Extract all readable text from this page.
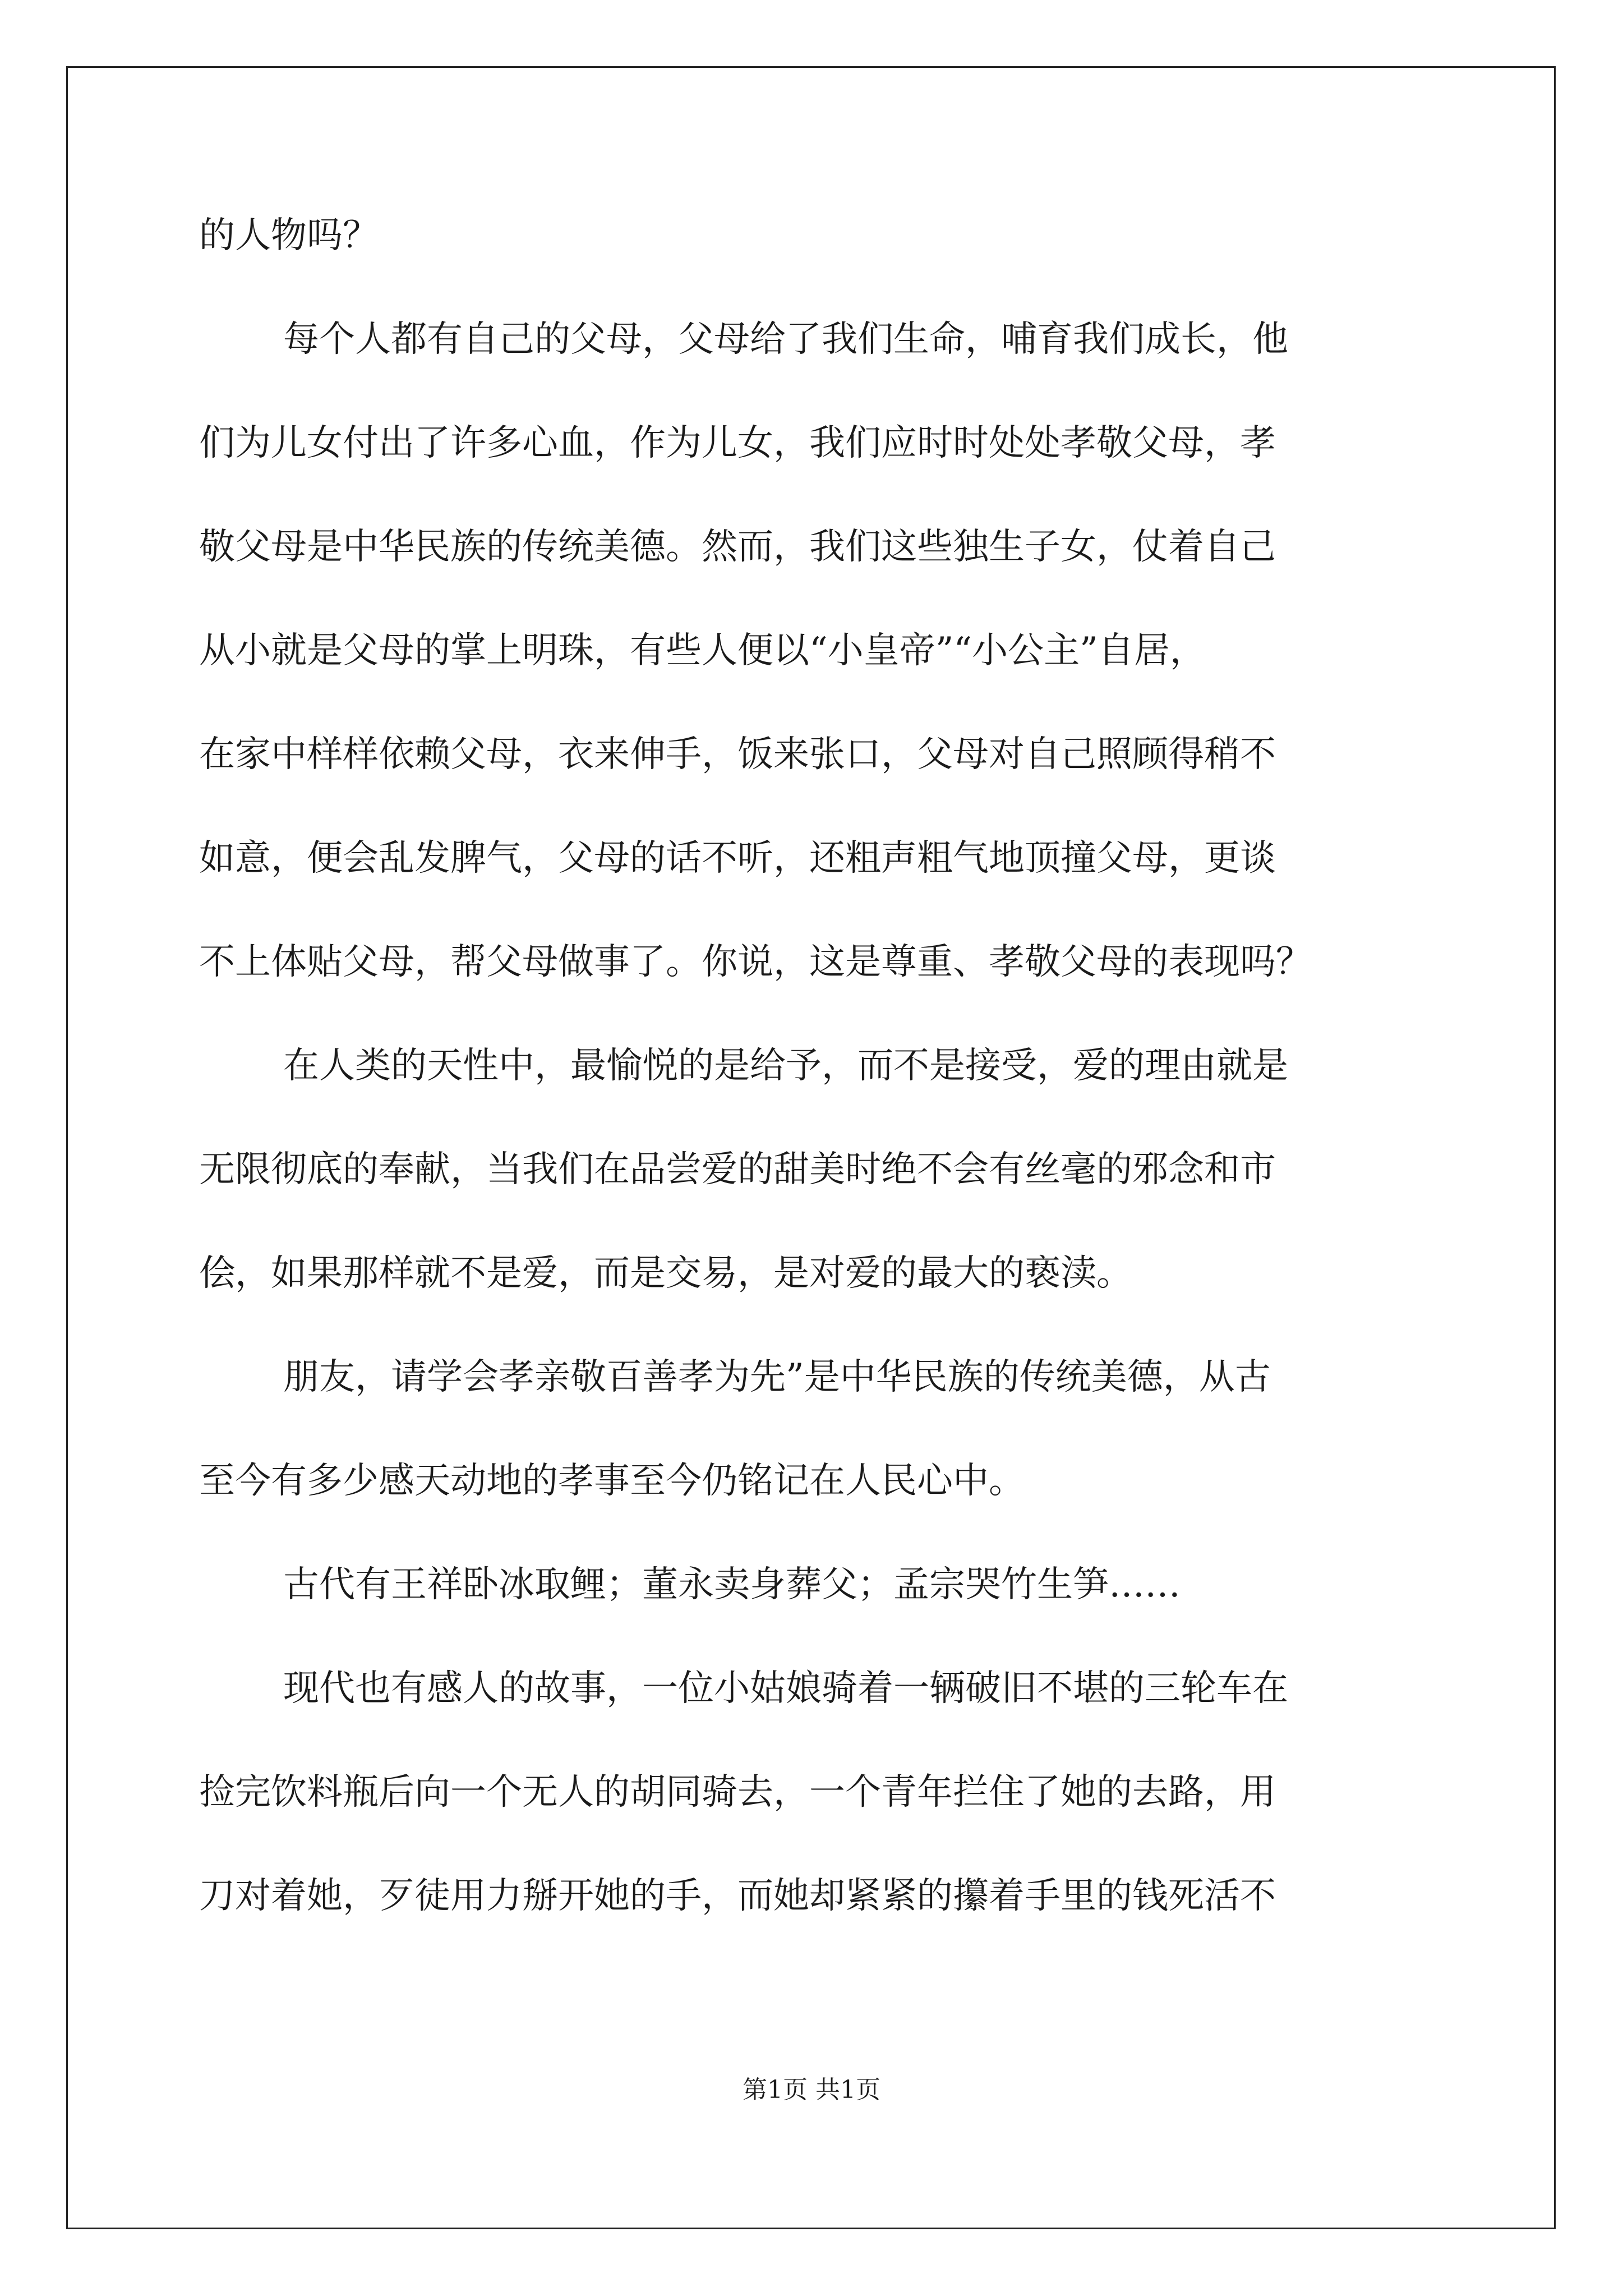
的人物吗？
每个人都有自己的父母，父母给了我们生命，哺育我们成长，他
们为儿女付出了许多心血，作为儿女，我们应时时处处孝敬父母，孝
敬父母是中华民族的传统美德。然而，我们这些独生子女，仗着自己
从小就是父母的掌上明珠，有些人便以“小皇帝”“小公主”自居，
在家中样样依赖父母，衣来伸手，饭来张口，父母对自己照顾得稍不
如意，便会乱发脾气，父母的话不听，还粗声粗气地顶撞父母，更谈
不上体贴父母，帮父母做事了。你说，这是尊重、孝敬父母的表现吗？
在人类的天性中，最愉悦的是给予，而不是接受，爱的理由就是
无限彻底的奉献，当我们在品尝爱的甜美时绝不会有丝毫的邪念和市
侩，如果那样就不是爱，而是交易，是对爱的最大的亵渎。
朋友，请学会孝亲敬百善孝为先”是中华民族的传统美德，从古
至今有多少感天动地的孝事至今仍铭记在人民心中。
古代有王祥卧冰取鲤；董永卖身葬父；孟宗哭竹生笋……
现代也有感人的故事，一位小姑娘骑着一辆破旧不堪的三轮车在
捡完饮料瓶后向一个无人的胡同骑去，一个青年拦住了她的去路，用
刀对着她，歹徒用力掰开她的手，而她却紧紧的攥着手里的钱死活不
第1页 共1页
